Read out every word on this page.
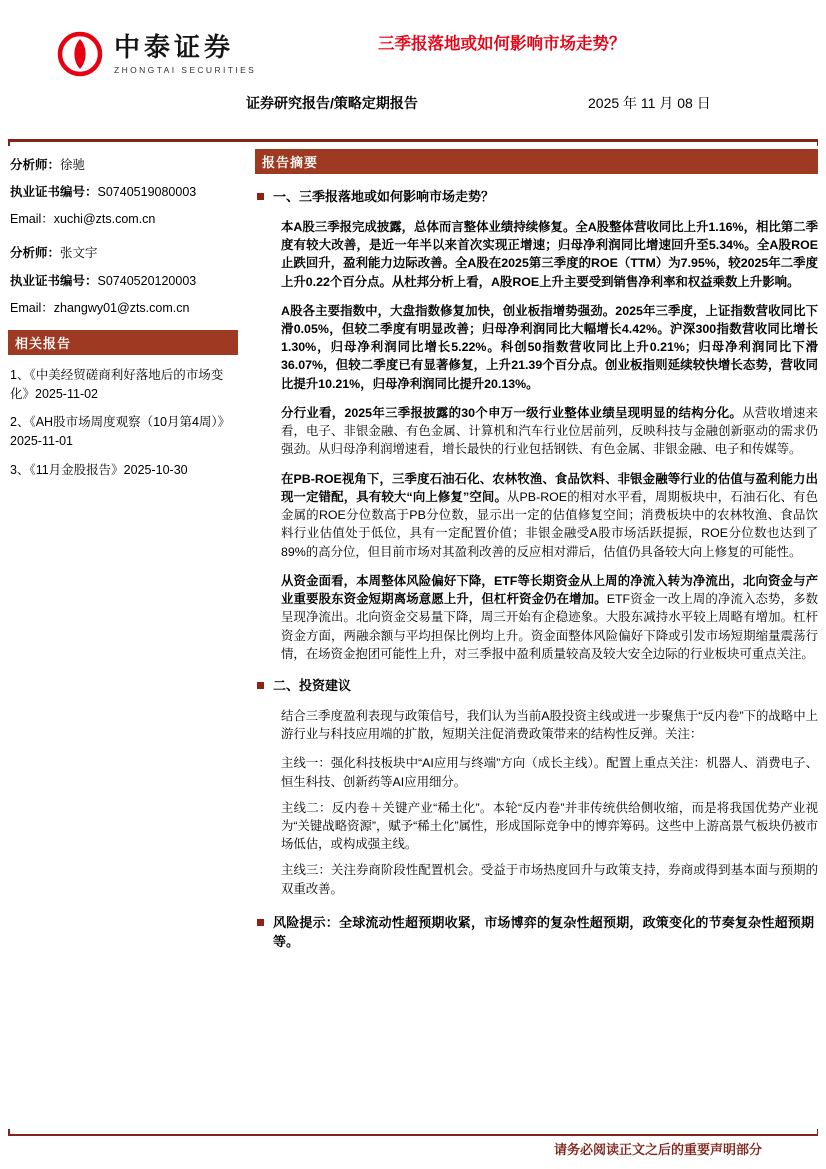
中泰证券
ZHONGTAI SECURITIES
三季报落地或如何影响市场走势？
证券研究报告/策略定期报告	2025 年 11 月 08 日
分析师：徐驰
执业证书编号：S0740519080003
Email：xuchi@zts.com.cn
分析师：张文宇
执业证书编号：S0740520120003
Email：zhangwy01@zts.com.cn
相关报告
1、《中美经贸磋商利好落地后的市场变化》2025-11-02
2、《AH股市场周度观察（10月第4周）》2025-11-01
3、《11月金股报告》2025-10-30
报告摘要
一、三季报落地或如何影响市场走势？

本A股三季报完成披露，总体而言整体业绩持续修复。全A股整体营收同比上升1.16%，相比第二季度有较大改善，是近一年半以来首次实现正增速；归母净利润同比增速回升至5.34%。全A股ROE止跌回升，盈利能力边际改善。全A股在2025第三季度的ROE（TTM）为7.95%，较2025年二季度上升0.22个百分点。从杜邦分析上看，A股ROE上升主要受到销售净利率和权益乘数上升影响。

A股各主要指数中，大盘指数修复加快，创业板指增势强劲。2025年三季度，上证指数营收同比下滑0.05%，但较二季度有明显改善；归母净利润同比大幅增长4.42%。沪深300指数营收同比增长1.30%，归母净利润同比增长5.22%。科创50指数营收同比上升0.21%；归母净利润同比下滑36.07%，但较二季度已有显著修复，上升21.39个百分点。创业板指则延续较快增长态势，营收同比提升10.21%，归母净利润同比提升20.13%。

分行业看，2025年三季报披露的30个申万一级行业整体业绩呈现明显的结构分化。从营收增速来看，电子、非银金融、有色金属、计算机和汽车行业位居前列，反映科技与金融创新驱动的需求仍强劲。从归母净利润增速看，增长最快的行业包括钢铁、有色金属、非银金融、电子和传媒等。

在PB-ROE视角下，三季度石油石化、农林牧渔、食品饮料、非银金融等行业的估值与盈利能力出现一定错配，具有较大“向上修复”空间。从PB-ROE的相对水平看，周期板块中，石油石化、有色金属的ROE分位数高于PB分位数，显示出一定的估值修复空间；消费板块中的农林牧渔、食品饮料行业估值处于低位，具有一定配置价值；非银金融受A股市场活跃提振，ROE分位数也达到了89%的高分位，但目前市场对其盈利改善的反应相对滞后，估值仍具备较大向上修复的可能性。

从资金面看，本周整体风险偏好下降，ETF等长期资金从上周的净流入转为净流出，北向资金与产业重要股东资金短期离场意愿上升，但杠杆资金仍在增加。ETF资金一改上周的净流入态势，多数呈现净流出。北向资金交易量下降，周三开始有企稳迹象。大股东减持水平较上周略有增加。杠杆资金方面，两融余额与平均担保比例均上升。资金面整体风险偏好下降或引发市场短期缩量震荡行情，在场资金抱团可能性上升，对三季报中盈利质量较高及较大安全边际的行业板块可重点关注。

二、投资建议

结合三季度盈利表现与政策信号，我们认为当前A股投资主线或进一步聚焦于“反内卷”下的战略中上游行业与科技应用端的扩散，短期关注促消费政策带来的结构性反弹。关注：

主线一：强化科技板块中“AI应用与终端”方向（成长主线）。配置上重点关注：机器人、消费电子、恒生科技、创新药等AI应用细分。

主线二：反内卷＋关键产业“稀土化”。本轮“反内卷”并非传统供给侧收缩，而是将我国优势产业视为“关键战略资源”，赋予“稀土化”属性，形成国际竞争中的博弈筹码。这些中上游高景气板块仍被市场低估，或构成强主线。

主线三：关注券商阶段性配置机会。受益于市场热度回升与政策支持，券商或得到基本面与预期的双重改善。

风险提示：全球流动性超预期收紧，市场博弈的复杂性超预期，政策变化的节奏复杂性超预期等。
请务必阅读正文之后的重要声明部分
